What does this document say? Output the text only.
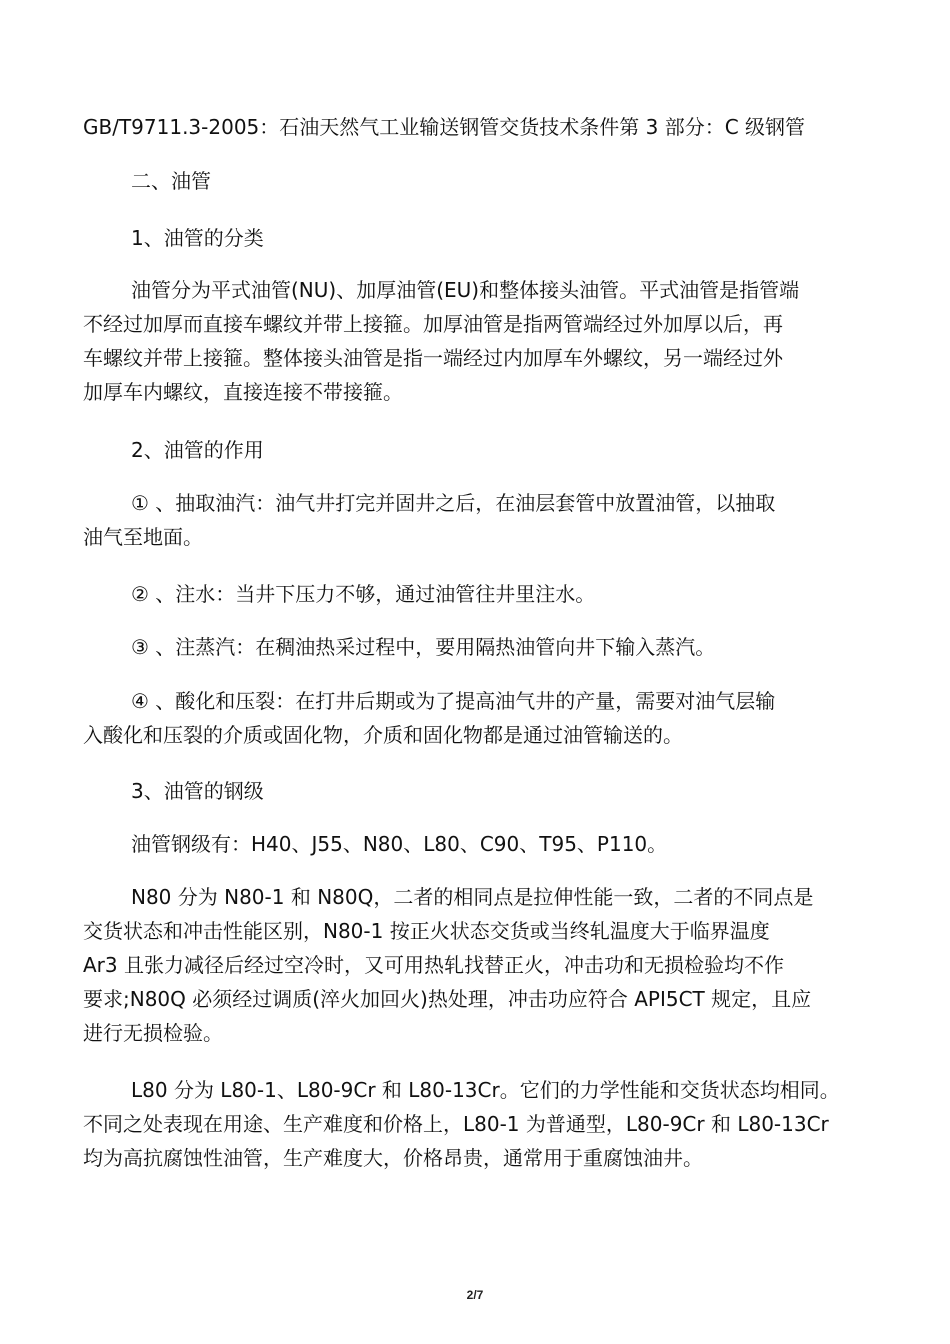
GB/T9711.3-2005：石油天然气工业输送钢管交货技术条件第 3 部分：C 级钢管
二、油管
1、油管的分类
油管分为平式油管(NU)、加厚油管(EU)和整体接头油管。平式油管是指管端
不经过加厚而直接车螺纹并带上接箍。加厚油管是指两管端经过外加厚以后，再
车螺纹并带上接箍。整体接头油管是指一端经过内加厚车外螺纹，另一端经过外
加厚车内螺纹，直接连接不带接箍。
2、油管的作用
① 、抽取油汽：油气井打完并固井之后，在油层套管中放置油管，以抽取
油气至地面。
② 、注水：当井下压力不够，通过油管往井里注水。
③ 、注蒸汽：在稠油热采过程中，要用隔热油管向井下输入蒸汽。
④ 、酸化和压裂：在打井后期或为了提高油气井的产量，需要对油气层输
入酸化和压裂的介质或固化物，介质和固化物都是通过油管输送的。
3、油管的钢级
油管钢级有：H40、J55、N80、L80、C90、T95、P110。
N80 分为 N80-1 和 N80Q，二者的相同点是拉伸性能一致，二者的不同点是
交货状态和冲击性能区别，N80-1 按正火状态交货或当终轧温度大于临界温度
Ar3 且张力减径后经过空冷时，又可用热轧找替正火，冲击功和无损检验均不作
要求;N80Q 必须经过调质(淬火加回火)热处理，冲击功应符合 API5CT 规定，且应
进行无损检验。
L80 分为 L80-1、L80-9Cr 和 L80-13Cr。它们的力学性能和交货状态均相同。
不同之处表现在用途、生产难度和价格上，L80-1 为普通型，L80-9Cr 和 L80-13Cr
均为高抗腐蚀性油管，生产难度大，价格昂贵，通常用于重腐蚀油井。
2/7
